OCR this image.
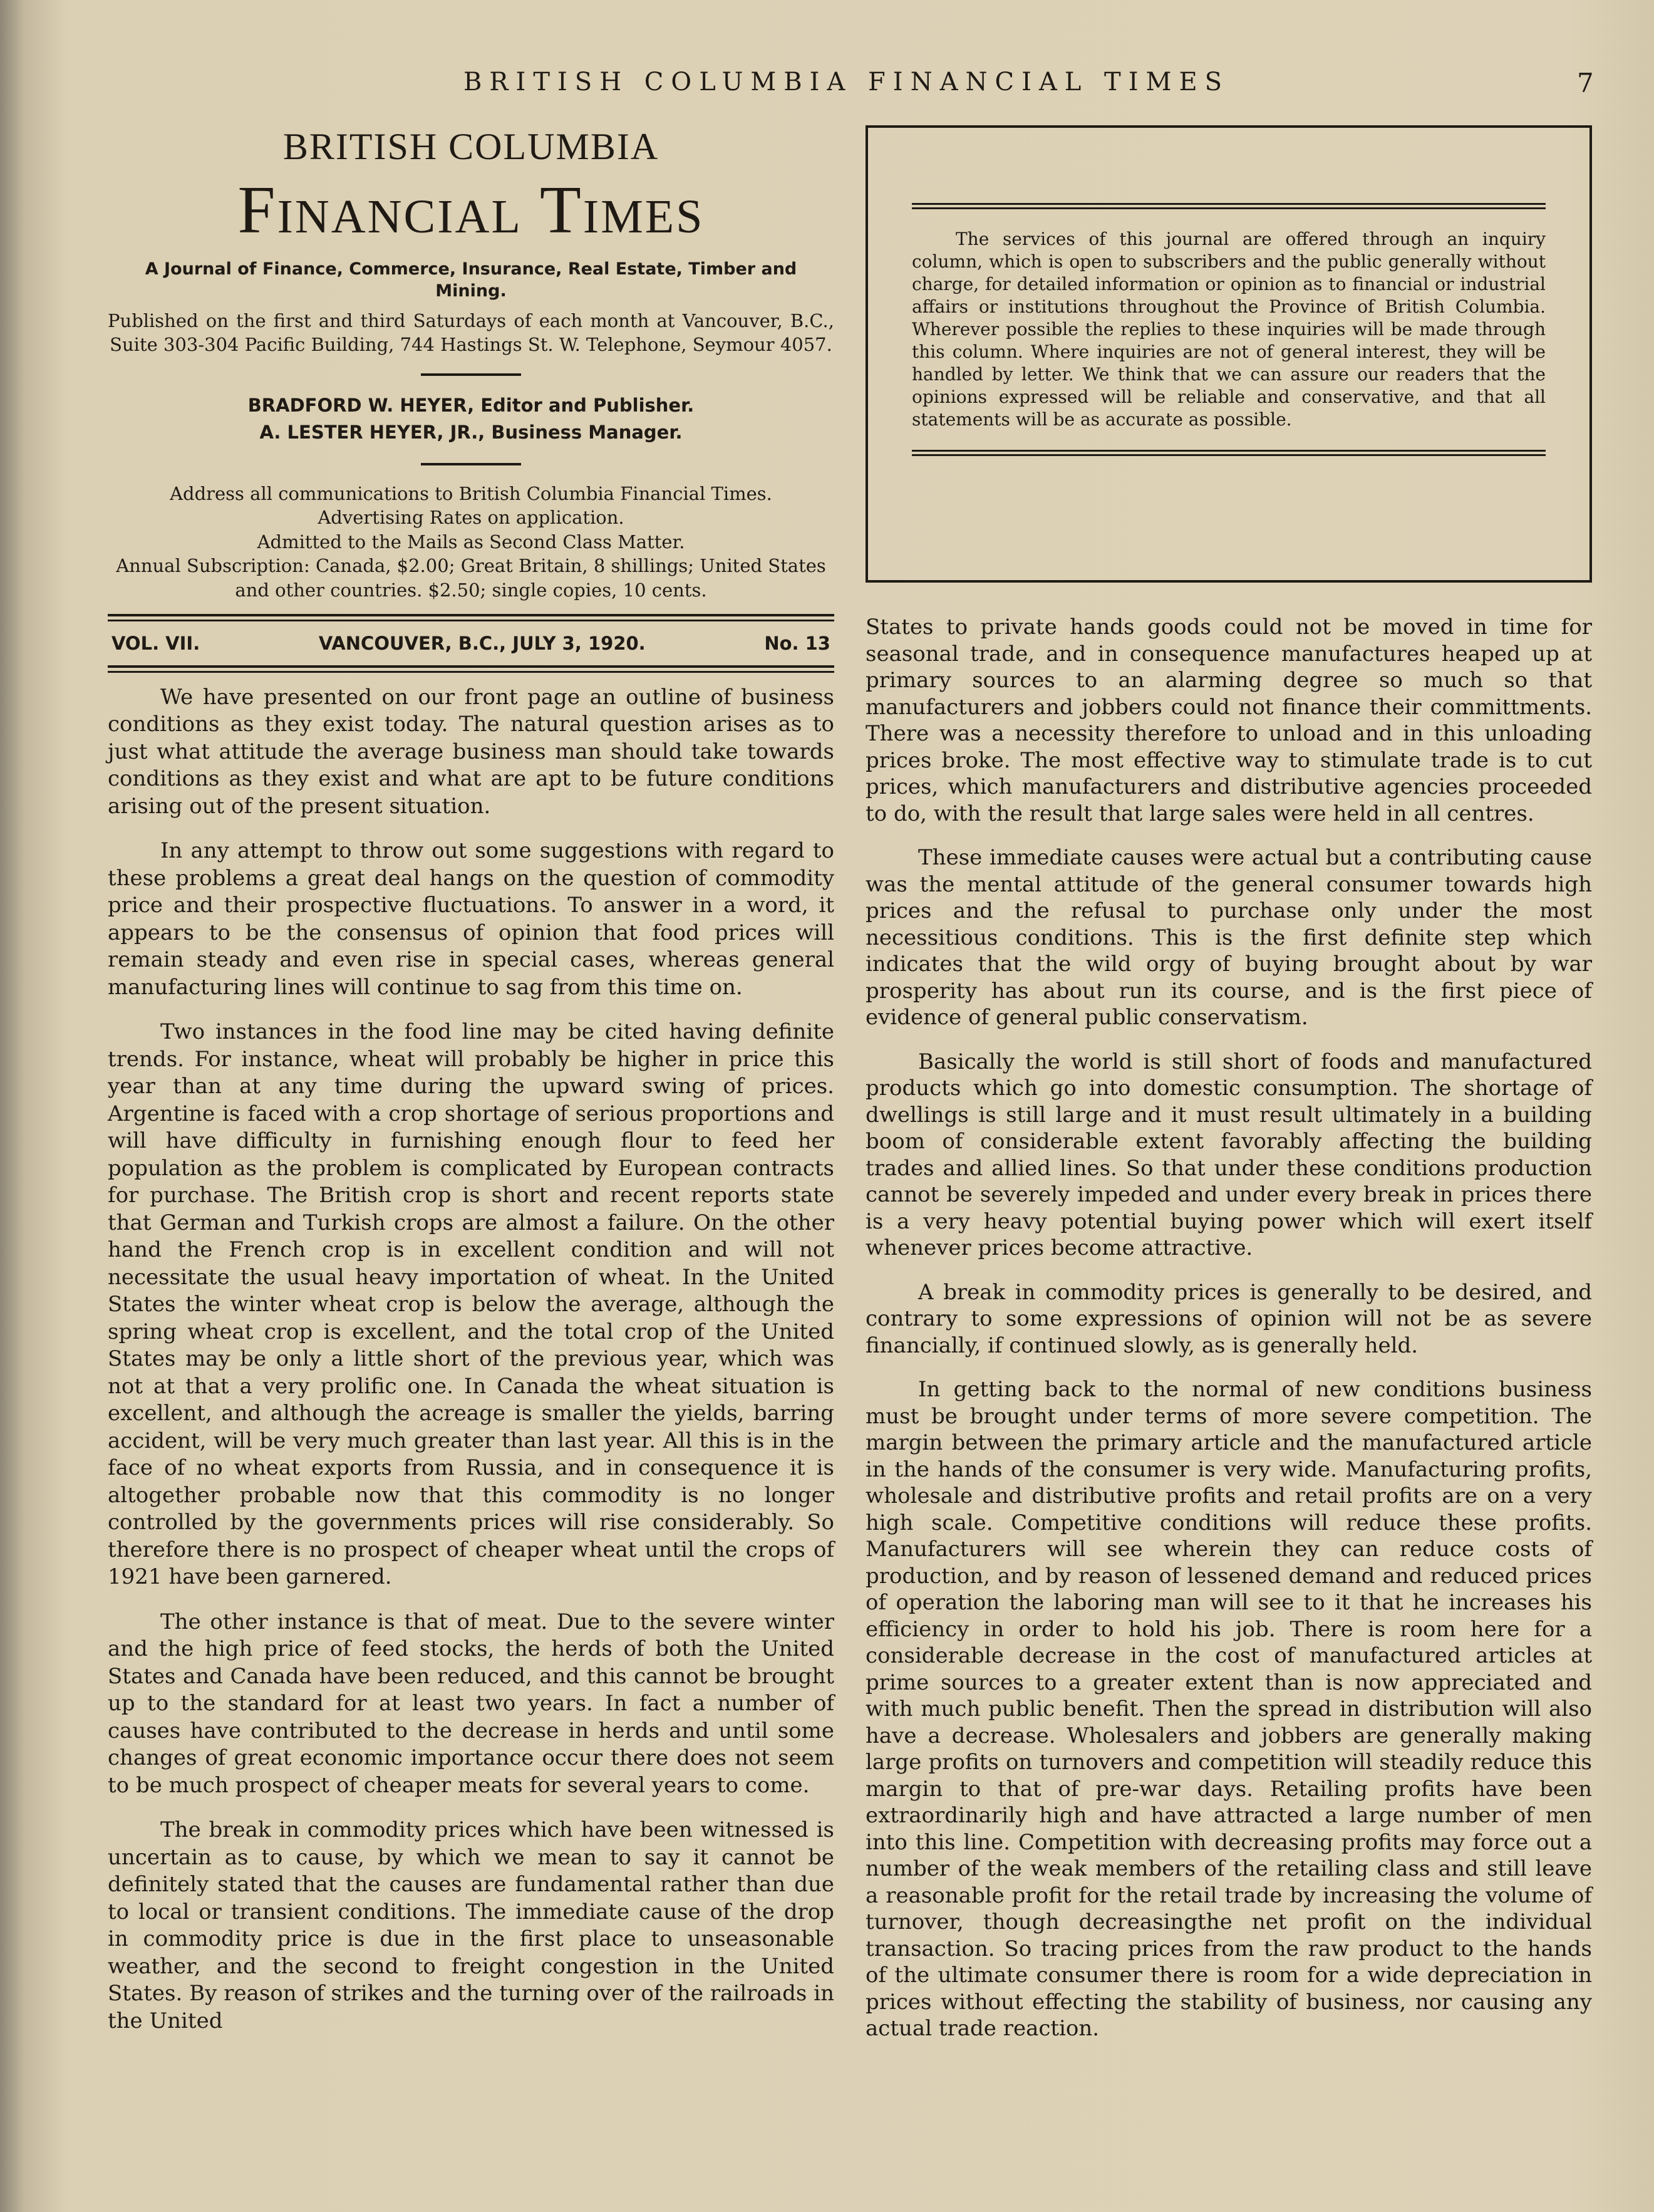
BRITISH COLUMBIA FINANCIAL TIMES	7
BRITISH COLUMBIA
Financial Times
A Journal of Finance, Commerce, Insurance, Real Estate, Timber and Mining.
Published on the first and third Saturdays of each month at Vancouver, B.C., Suite 303-304 Pacific Building, 744 Hastings St. W. Telephone, Seymour 4057.
BRADFORD W. HEYER, Editor and Publisher.
A. LESTER HEYER, JR., Business Manager.
Address all communications to British Columbia Financial Times.
Advertising Rates on application.
Admitted to the Mails as Second Class Matter.
Annual Subscription: Canada, $2.00; Great Britain, 8 shillings; United States and other countries. $2.50; single copies, 10 cents.
VOL. VII.	VANCOUVER, B.C., JULY 3, 1920.	No. 13

We have presented on our front page an outline of business conditions as they exist today. The natural question arises as to just what attitude the average business man should take towards conditions as they exist and what are apt to be future conditions arising out of the present situation.

In any attempt to throw out some suggestions with regard to these problems a great deal hangs on the question of commodity price and their prospective fluctuations. To answer in a word, it appears to be the consensus of opinion that food prices will remain steady and even rise in special cases, whereas general manufacturing lines will continue to sag from this time on.

Two instances in the food line may be cited having definite trends. For instance, wheat will probably be higher in price this year than at any time during the upward swing of prices. Argentine is faced with a crop shortage of serious proportions and will have difficulty in furnishing enough flour to feed her population as the problem is complicated by European contracts for purchase. The British crop is short and recent reports state that German and Turkish crops are almost a failure. On the other hand the French crop is in excellent condition and will not necessitate the usual heavy importation of wheat. In the United States the winter wheat crop is below the average, although the spring wheat crop is excellent, and the total crop of the United States may be only a little short of the previous year, which was not at that a very prolific one. In Canada the wheat situation is excellent, and although the acreage is smaller the yields, barring accident, will be very much greater than last year. All this is in the face of no wheat exports from Russia, and in consequence it is altogether probable now that this commodity is no longer controlled by the governments prices will rise considerably. So therefore there is no prospect of cheaper wheat until the crops of 1921 have been garnered.

The other instance is that of meat. Due to the severe winter and the high price of feed stocks, the herds of both the United States and Canada have been reduced, and this cannot be brought up to the standard for at least two years. In fact a number of causes have contributed to the decrease in herds and until some changes of great economic importance occur there does not seem to be much prospect of cheaper meats for several years to come.

The break in commodity prices which have been witnessed is uncertain as to cause, by which we mean to say it cannot be definitely stated that the causes are fundamental rather than due to local or transient conditions. The immediate cause of the drop in commodity price is due in the first place to unseasonable weather, and the second to freight congestion in the United States. By reason of strikes and the turning over of the railroads in the United

The services of this journal are offered through an inquiry column, which is open to subscribers and the public generally without charge, for detailed information or opinion as to financial or industrial affairs or institutions throughout the Province of British Columbia. Wherever possible the replies to these inquiries will be made through this column. Where inquiries are not of general interest, they will be handled by letter. We think that we can assure our readers that the opinions expressed will be reliable and conservative, and that all statements will be as accurate as possible.

States to private hands goods could not be moved in time for seasonal trade, and in consequence manufactures heaped up at primary sources to an alarming degree so much so that manufacturers and jobbers could not finance their committments. There was a necessity therefore to unload and in this unloading prices broke. The most effective way to stimulate trade is to cut prices, which manufacturers and distributive agencies proceeded to do, with the result that large sales were held in all centres.

These immediate causes were actual but a contributing cause was the mental attitude of the general consumer towards high prices and the refusal to purchase only under the most necessitious conditions. This is the first definite step which indicates that the wild orgy of buying brought about by war prosperity has about run its course, and is the first piece of evidence of general public conservatism.

Basically the world is still short of foods and manufactured products which go into domestic consumption. The shortage of dwellings is still large and it must result ultimately in a building boom of considerable extent favorably affecting the building trades and allied lines. So that under these conditions production cannot be severely impeded and under every break in prices there is a very heavy potential buying power which will exert itself whenever prices become attractive.

A break in commodity prices is generally to be desired, and contrary to some expressions of opinion will not be as severe financially, if continued slowly, as is generally held.

In getting back to the normal of new conditions business must be brought under terms of more severe competition. The margin between the primary article and the manufactured article in the hands of the consumer is very wide. Manufacturing profits, wholesale and distributive profits and retail profits are on a very high scale. Competitive conditions will reduce these profits. Manufacturers will see wherein they can reduce costs of production, and by reason of lessened demand and reduced prices of operation the laboring man will see to it that he increases his efficiency in order to hold his job. There is room here for a considerable decrease in the cost of manufactured articles at prime sources to a greater extent than is now appreciated and with much public benefit. Then the spread in distribution will also have a decrease. Wholesalers and jobbers are generally making large profits on turnovers and competition will steadily reduce this margin to that of pre-war days. Retailing profits have been extraordinarily high and have attracted a large number of men into this line. Competition with decreasing profits may force out a number of the weak members of the retailing class and still leave a reasonable profit for the retail trade by increasing the volume of turnover, though decreasingthe net profit on the individual transaction. So tracing prices from the raw product to the hands of the ultimate consumer there is room for a wide depreciation in prices without effecting the stability of business, nor causing any actual trade reaction.
